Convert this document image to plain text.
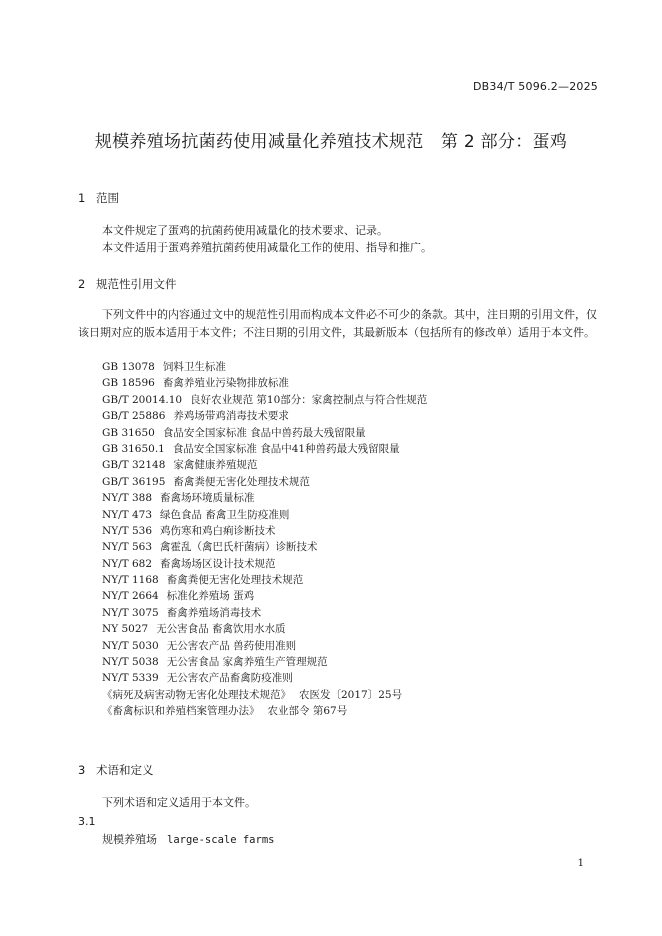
DB34/T 5096.2—2025
规模养殖场抗菌药使用减量化养殖技术规范　第 2 部分：蛋鸡
1 范围
本文件规定了蛋鸡的抗菌药使用减量化的技术要求、记录。
本文件适用于蛋鸡养殖抗菌药使用减量化工作的使用、指导和推广。
2 规范性引用文件
下列文件中的内容通过文中的规范性引用而构成本文件必不可少的条款。其中，注日期的引用文件，仅该日期对应的版本适用于本文件；不注日期的引用文件，其最新版本（包括所有的修改单）适用于本文件。
GB 13078 饲料卫生标准
GB 18596 畜禽养殖业污染物排放标准
GB/T 20014.10 良好农业规范 第10部分：家禽控制点与符合性规范
GB/T 25886 养鸡场带鸡消毒技术要求
GB 31650 食品安全国家标准 食品中兽药最大残留限量
GB 31650.1 食品安全国家标准 食品中41种兽药最大残留限量
GB/T 32148 家禽健康养殖规范
GB/T 36195 畜禽粪便无害化处理技术规范
NY/T 388 畜禽场环境质量标准
NY/T 473 绿色食品 畜禽卫生防疫准则
NY/T 536 鸡伤寒和鸡白痢诊断技术
NY/T 563 禽霍乱（禽巴氏杆菌病）诊断技术
NY/T 682 畜禽场场区设计技术规范
NY/T 1168 畜禽粪便无害化处理技术规范
NY/T 2664 标准化养殖场 蛋鸡
NY/T 3075 畜禽养殖场消毒技术
NY 5027 无公害食品 畜禽饮用水水质
NY/T 5030 无公害农产品 兽药使用准则
NY/T 5038 无公害食品 家禽养殖生产管理规范
NY/T 5339 无公害农产品畜禽防疫准则
《病死及病害动物无害化处理技术规范》 农医发〔2017〕25号
《畜禽标识和养殖档案管理办法》 农业部令 第67号
3 术语和定义
下列术语和定义适用于本文件。
3.1
规模养殖场 large-scale farms
1
